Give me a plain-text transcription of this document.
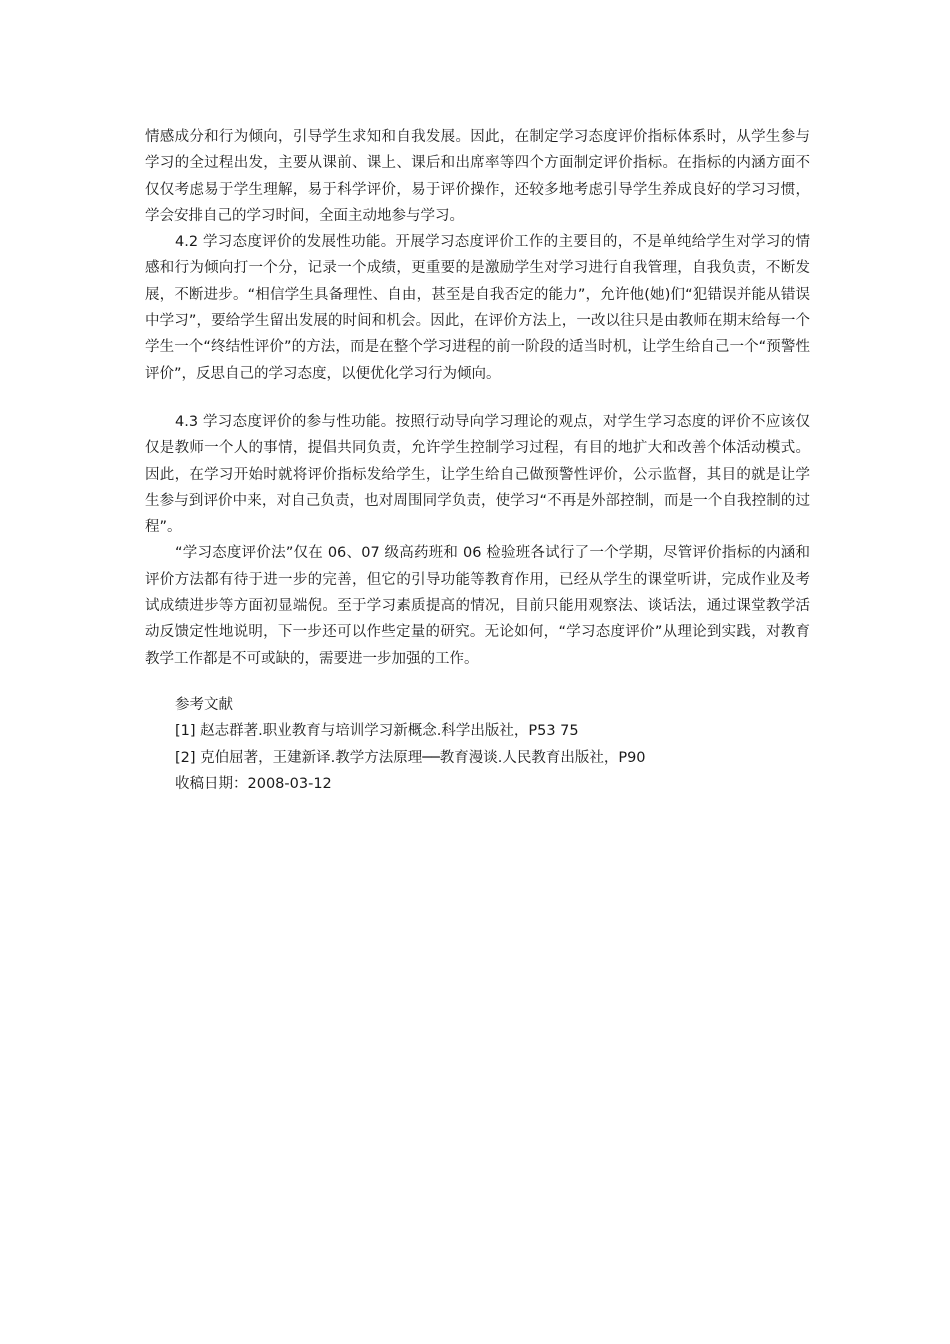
情感成分和行为倾向，引导学生求知和自我发展。因此，在制定学习态度评价指标体系时，从学生参与学习的全过程出发，主要从课前、课上、课后和出席率等四个方面制定评价指标。在指标的内涵方面不仅仅考虑易于学生理解，易于科学评价，易于评价操作，还较多地考虑引导学生养成良好的学习习惯，学会安排自己的学习时间，全面主动地参与学习。

4.2 学习态度评价的发展性功能。开展学习态度评价工作的主要目的，不是单纯给学生对学习的情感和行为倾向打一个分，记录一个成绩，更重要的是激励学生对学习进行自我管理，自我负责，不断发展，不断进步。“相信学生具备理性、自由，甚至是自我否定的能力”，允许他(她)们“犯错误并能从错误中学习”，要给学生留出发展的时间和机会。因此，在评价方法上，一改以往只是由教师在期末给每一个学生一个“终结性评价”的方法，而是在整个学习进程的前一阶段的适当时机，让学生给自己一个“预警性评价”，反思自己的学习态度，以便优化学习行为倾向。

4.3 学习态度评价的参与性功能。按照行动导向学习理论的观点，对学生学习态度的评价不应该仅仅是教师一个人的事情，提倡共同负责，允许学生控制学习过程，有目的地扩大和改善个体活动模式。因此，在学习开始时就将评价指标发给学生，让学生给自己做预警性评价，公示监督，其目的就是让学生参与到评价中来，对自己负责，也对周围同学负责，使学习“不再是外部控制，而是一个自我控制的过程”。

“学习态度评价法”仅在 06、07 级高药班和 06 检验班各试行了一个学期，尽管评价指标的内涵和评价方法都有待于进一步的完善，但它的引导功能等教育作用，已经从学生的课堂听讲，完成作业及考试成绩进步等方面初显端倪。至于学习素质提高的情况，目前只能用观察法、谈话法，通过课堂教学活动反馈定性地说明，下一步还可以作些定量的研究。无论如何，“学习态度评价”从理论到实践，对教育教学工作都是不可或缺的，需要进一步加强的工作。

参考文献

[1] 赵志群著.职业教育与培训学习新概念.科学出版社，P53 75

[2] 克伯屈著，王建新译.教学方法原理──教育漫谈.人民教育出版社，P90

收稿日期：2008-03-12
